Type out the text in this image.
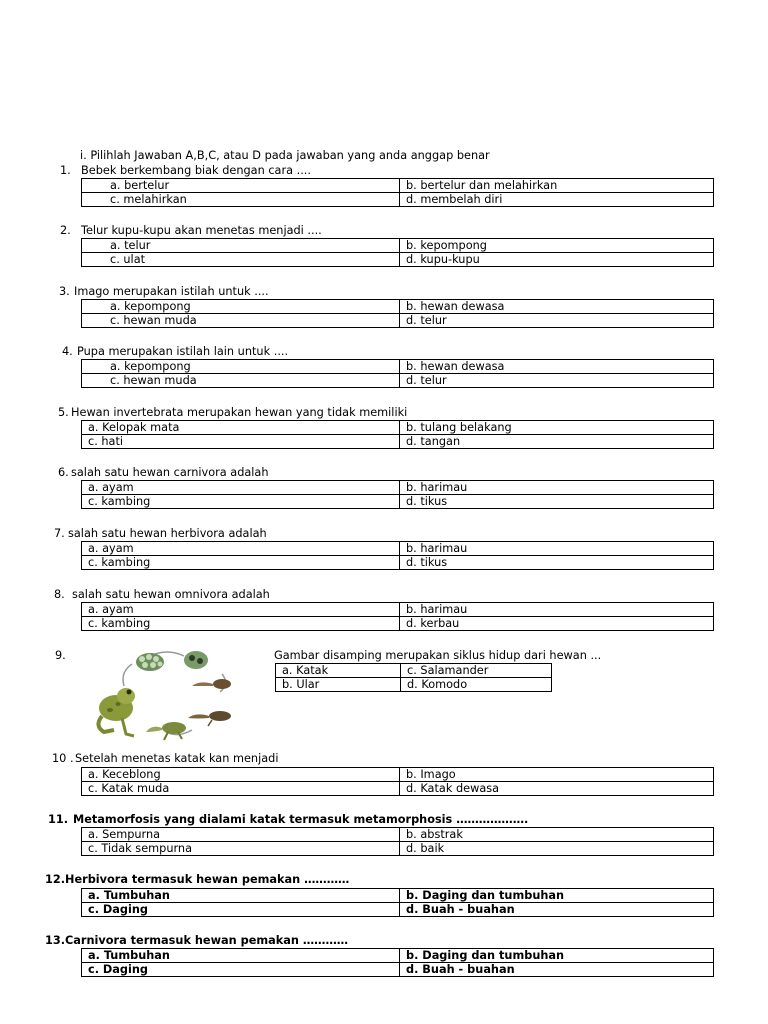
i. Pilihlah Jawaban A,B,C, atau D pada jawaban yang anda anggap benar
1. Bebek berkembang biak dengan cara ....
a. bertelur	b. bertelur dan melahirkan
c. melahirkan	d. membelah diri
2. Telur kupu-kupu akan menetas menjadi ....
a. telur	b. kepompong
c. ulat	d. kupu-kupu
3. Imago merupakan istilah untuk ....
a. kepompong	b. hewan dewasa
c. hewan muda	d. telur
4. Pupa merupakan istilah lain untuk ....
a. kepompong	b. hewan dewasa
c. hewan muda	d. telur
5. Hewan invertebrata merupakan hewan yang tidak memiliki
a. Kelopak mata	b. tulang belakang
c. hati	d. tangan
6. salah satu hewan carnivora adalah
a. ayam	b. harimau
c. kambing	d. tikus
7. salah satu hewan herbivora adalah
a. ayam	b. harimau
c. kambing	d. tikus
8. salah satu hewan omnivora adalah
a. ayam	b. harimau
c. kambing	d. kerbau
9.	Gambar disamping merupakan siklus hidup dari hewan ...
a. Katak	c. Salamander
b. Ular	d. Komodo
10 . Setelah menetas katak kan menjadi
a. Keceblong	b. Imago
c. Katak muda	d. Katak dewasa
11. Metamorfosis yang dialami katak termasuk metamorphosis ……………….
a. Sempurna	b. abstrak
c. Tidak sempurna	d. baik
12. Herbivora termasuk hewan pemakan …………
a. Tumbuhan	b. Daging dan tumbuhan
c. Daging	d. Buah - buahan
13. Carnivora termasuk hewan pemakan …………
a. Tumbuhan	b. Daging dan tumbuhan
c. Daging	d. Buah - buahan
